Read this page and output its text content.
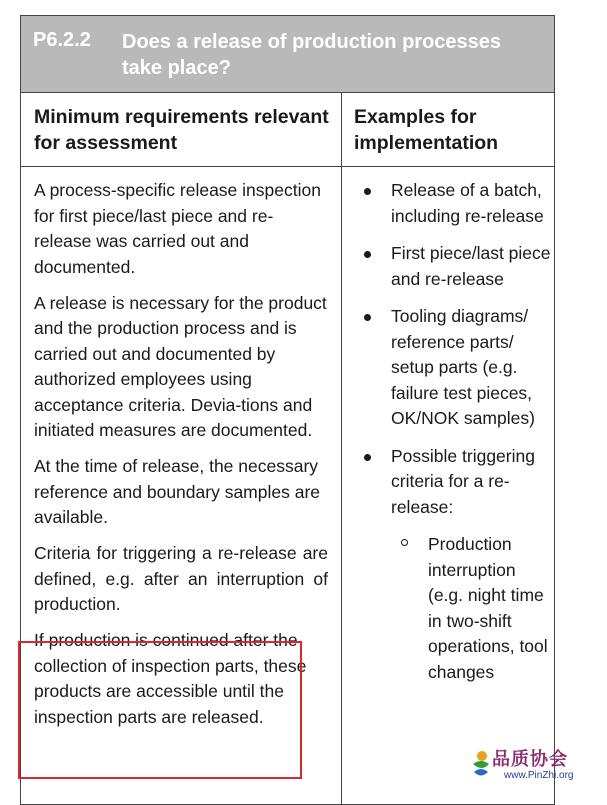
P6.2.2 Does a release of production processes take place?
Minimum requirements relevant for assessment
Examples for implementation

A process-specific release inspection for first piece/last piece and re-release was carried out and documented.

A release is necessary for the product and the production process and is carried out and documented by authorized employees using acceptance criteria. Devia-tions and initiated measures are documented.

At the time of release, the necessary reference and boundary samples are available.

Criteria for triggering a re-release are defined, e.g. after an interruption of production.

If production is continued after the collection of inspection parts, these products are accessible until the inspection parts are released.

Release of a batch, including re-release
First piece/last piece and re-release
Tooling diagrams/ reference parts/ setup parts (e.g. failure test pieces, OK/NOK samples)
Possible triggering criteria for a re-release:
Production interruption (e.g. night time in two-shift operations, tool changes
品质协会
www.PinZhi.org
